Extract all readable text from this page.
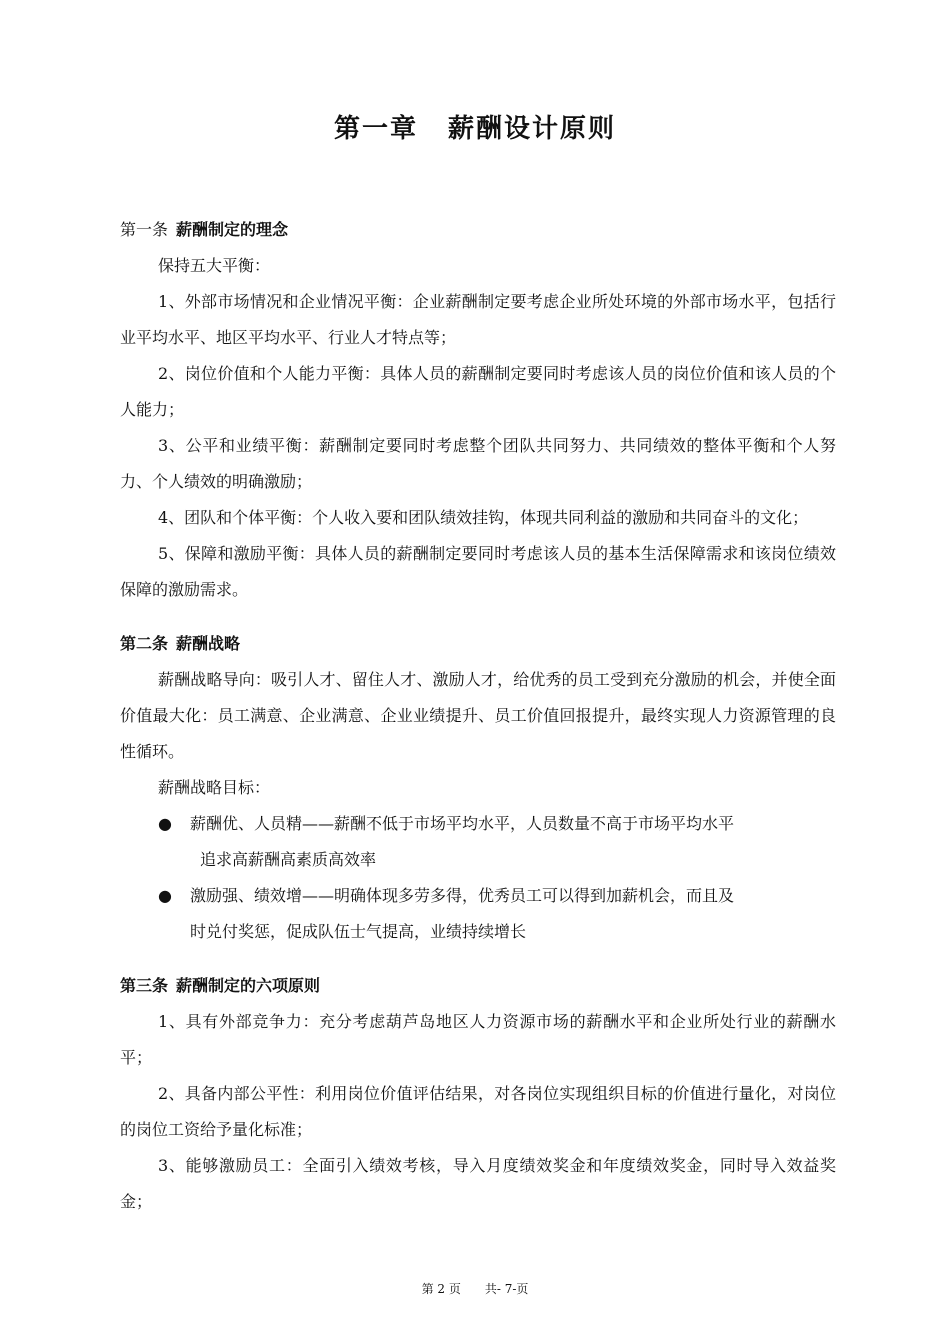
第一章 薪酬设计原则

第一条 薪酬制定的理念

保持五大平衡：

1、外部市场情况和企业情况平衡：企业薪酬制定要考虑企业所处环境的外部市场水平，包括行业平均水平、地区平均水平、行业人才特点等；

2、岗位价值和个人能力平衡：具体人员的薪酬制定要同时考虑该人员的岗位价值和该人员的个人能力；

3、公平和业绩平衡：薪酬制定要同时考虑整个团队共同努力、共同绩效的整体平衡和个人努力、个人绩效的明确激励；

4、团队和个体平衡：个人收入要和团队绩效挂钩，体现共同利益的激励和共同奋斗的文化；

5、保障和激励平衡：具体人员的薪酬制定要同时考虑该人员的基本生活保障需求和该岗位绩效保障的激励需求。

第二条 薪酬战略

薪酬战略导向：吸引人才、留住人才、激励人才，给优秀的员工受到充分激励的机会，并使全面价值最大化：员工满意、企业满意、企业业绩提升、员工价值回报提升，最终实现人力资源管理的良性循环。

薪酬战略目标：

● 薪酬优、人员精——薪酬不低于市场平均水平，人员数量不高于市场平均水平
追求高薪酬高素质高效率
● 激励强、绩效增——明确体现多劳多得，优秀员工可以得到加薪机会，而且及
时兑付奖惩，促成队伍士气提高，业绩持续增长

第三条 薪酬制定的六项原则

1、具有外部竞争力：充分考虑葫芦岛地区人力资源市场的薪酬水平和企业所处行业的薪酬水平；

2、具备内部公平性：利用岗位价值评估结果，对各岗位实现组织目标的价值进行量化，对岗位的岗位工资给予量化标准；

3、能够激励员工：全面引入绩效考核，导入月度绩效奖金和年度绩效奖金，同时导入效益奖金；

第 2 页 共- 7-页
